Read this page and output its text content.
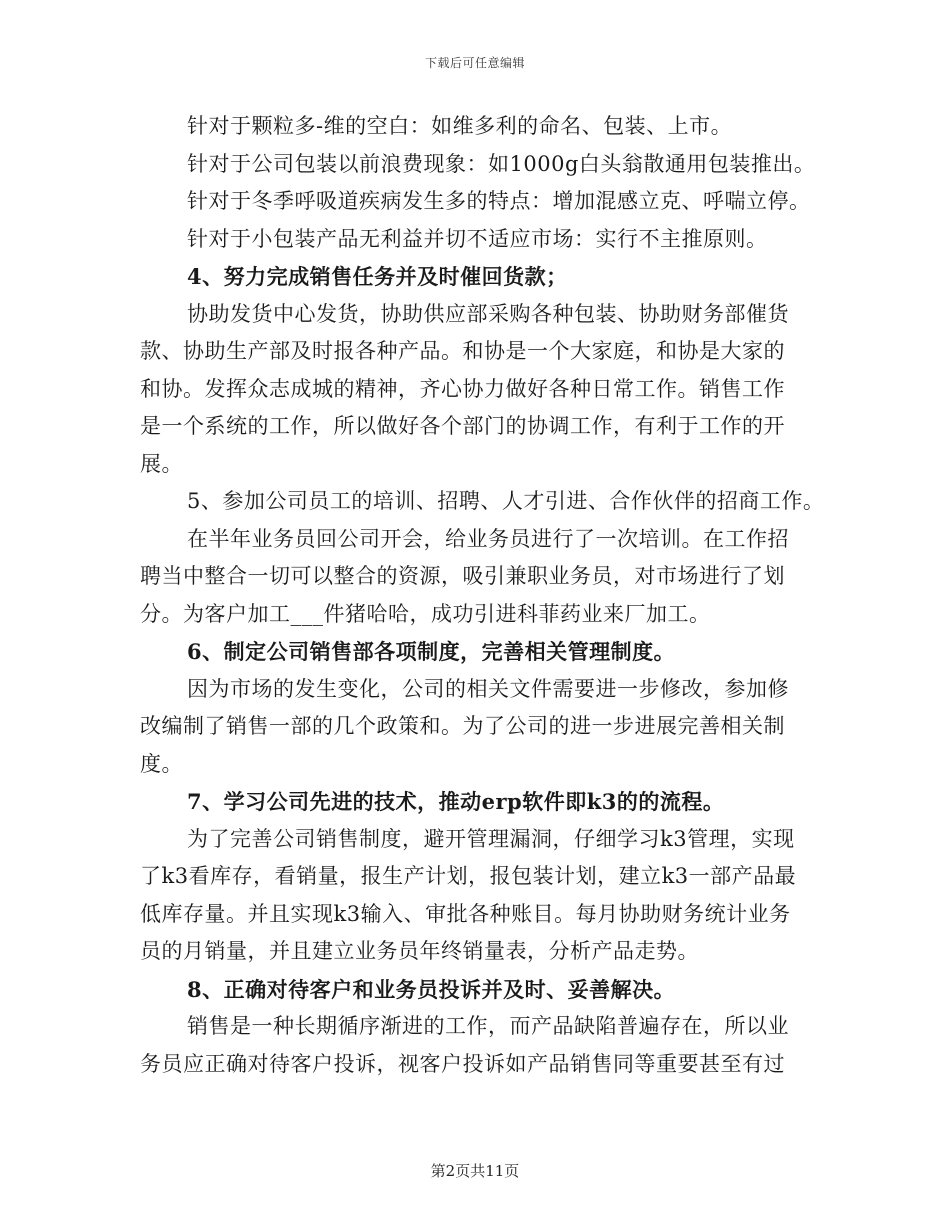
下载后可任意编辑
针对于颗粒多-维的空白：如维多利的命名、包装、上市。
针对于公司包装以前浪费现象：如1000g白头翁散通用包装推出。
针对于冬季呼吸道疾病发生多的特点：增加混感立克、呼喘立停。
针对于小包装产品无利益并切不适应市场：实行不主推原则。
4、努力完成销售任务并及时催回货款；
协助发货中心发货，协助供应部采购各种包装、协助财务部催货
款、协助生产部及时报各种产品。和协是一个大家庭，和协是大家的
和协。发挥众志成城的精神，齐心协力做好各种日常工作。销售工作
是一个系统的工作，所以做好各个部门的协调工作，有利于工作的开
展。
5、参加公司员工的培训、招聘、人才引进、合作伙伴的招商工作。
在半年业务员回公司开会，给业务员进行了一次培训。在工作招
聘当中整合一切可以整合的资源，吸引兼职业务员，对市场进行了划
分。为客户加工___件猪哈哈，成功引进科菲药业来厂加工。
6、制定公司销售部各项制度，完善相关管理制度。
因为市场的发生变化，公司的相关文件需要进一步修改，参加修
改编制了销售一部的几个政策和。为了公司的进一步进展完善相关制
度。
7、学习公司先进的技术，推动erp软件即k3的的流程。
为了完善公司销售制度，避开管理漏洞，仔细学习k3管理，实现
了k3看库存，看销量，报生产计划，报包装计划，建立k3一部产品最
低库存量。并且实现k3输入、审批各种账目。每月协助财务统计业务
员的月销量，并且建立业务员年终销量表，分析产品走势。
8、正确对待客户和业务员投诉并及时、妥善解决。
销售是一种长期循序渐进的工作，而产品缺陷普遍存在，所以业
务员应正确对待客户投诉，视客户投诉如产品销售同等重要甚至有过
第2页共11页
